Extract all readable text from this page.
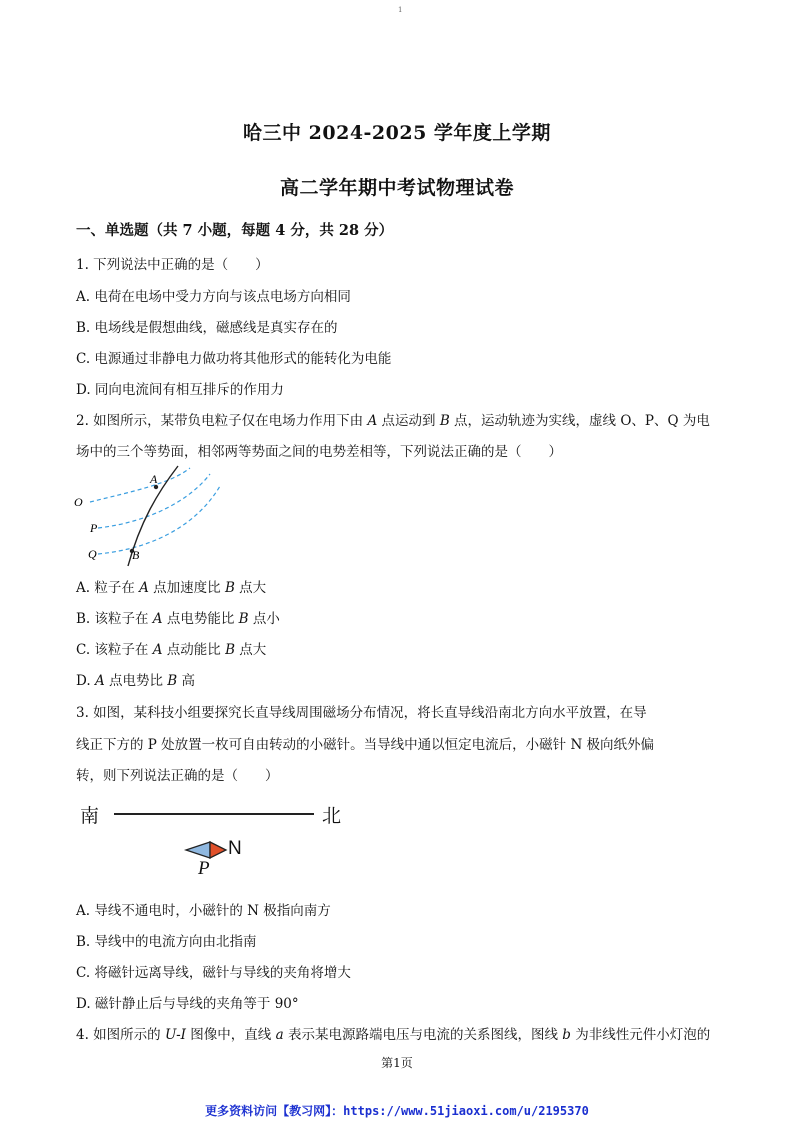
1
哈三中 2024-2025 学年度上学期
高二学年期中考试物理试卷
一、单选题（共 7 小题，每题 4 分，共 28 分）
1. 下列说法中正确的是（　　）
A. 电荷在电场中受力方向与该点电场方向相同
B. 电场线是假想曲线，磁感线是真实存在的
C. 电源通过非静电力做功将其他形式的能转化为电能
D. 同向电流间有相互排斥的作用力
2. 如图所示，某带负电粒子仅在电场力作用下由 A 点运动到 B 点，运动轨迹为实线，虚线 O、P、Q 为电
场中的三个等势面，相邻两等势面之间的电势差相等，下列说法正确的是（　　）
O
P
Q
A
B
A. 粒子在 A 点加速度比 B 点大
B. 该粒子在 A 点电势能比 B 点小
C. 该粒子在 A 点动能比 B 点大
D. A 点电势比 B 高
3. 如图，某科技小组要探究长直导线周围磁场分布情况，将长直导线沿南北方向水平放置，在导
线正下方的 P 处放置一枚可自由转动的小磁针。当导线中通以恒定电流后，小磁针 N 极向纸外偏
转，则下列说法正确的是（　　）
南	北
N
P
A. 导线不通电时，小磁针的 N 极指向南方
B. 导线中的电流方向由北指南
C. 将磁针远离导线，磁针与导线的夹角将增大
D. 磁针静止后与导线的夹角等于 90°
4. 如图所示的 U-I 图像中，直线 a 表示某电源路端电压与电流的关系图线，图线 b 为非线性元件小灯泡的
第1页
更多资料访问【教习网】：https://www.51jiaoxi.com/u/2195370
